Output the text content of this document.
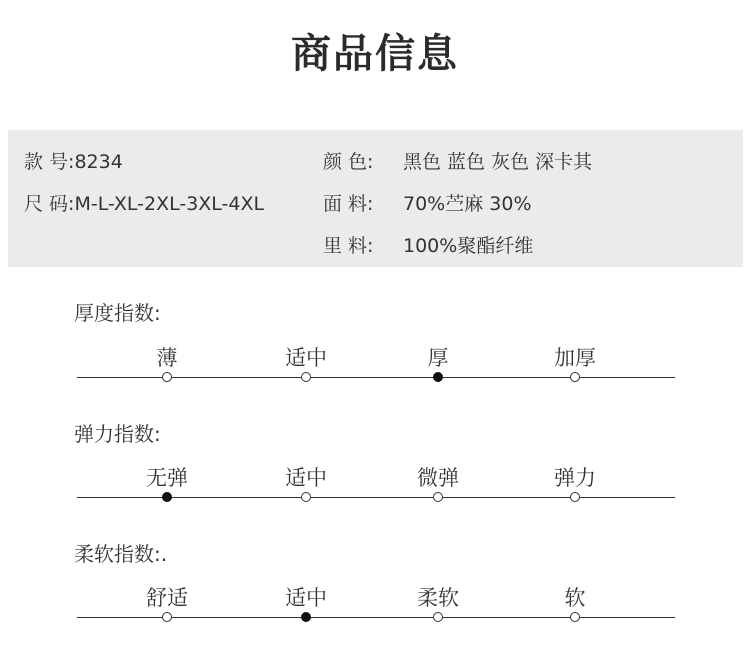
商品信息
款 号:8234
尺 码:M-L-XL-2XL-3XL-4XL
颜 色: 黑色 蓝色 灰色 深卡其
面 料: 70%苎麻 30%
里 料: 100%聚酯纤维
厚度指数:
薄	适中	厚	加厚
弹力指数:
无弹	适中	微弹	弹力
柔软指数:.
舒适	适中	柔软	软
